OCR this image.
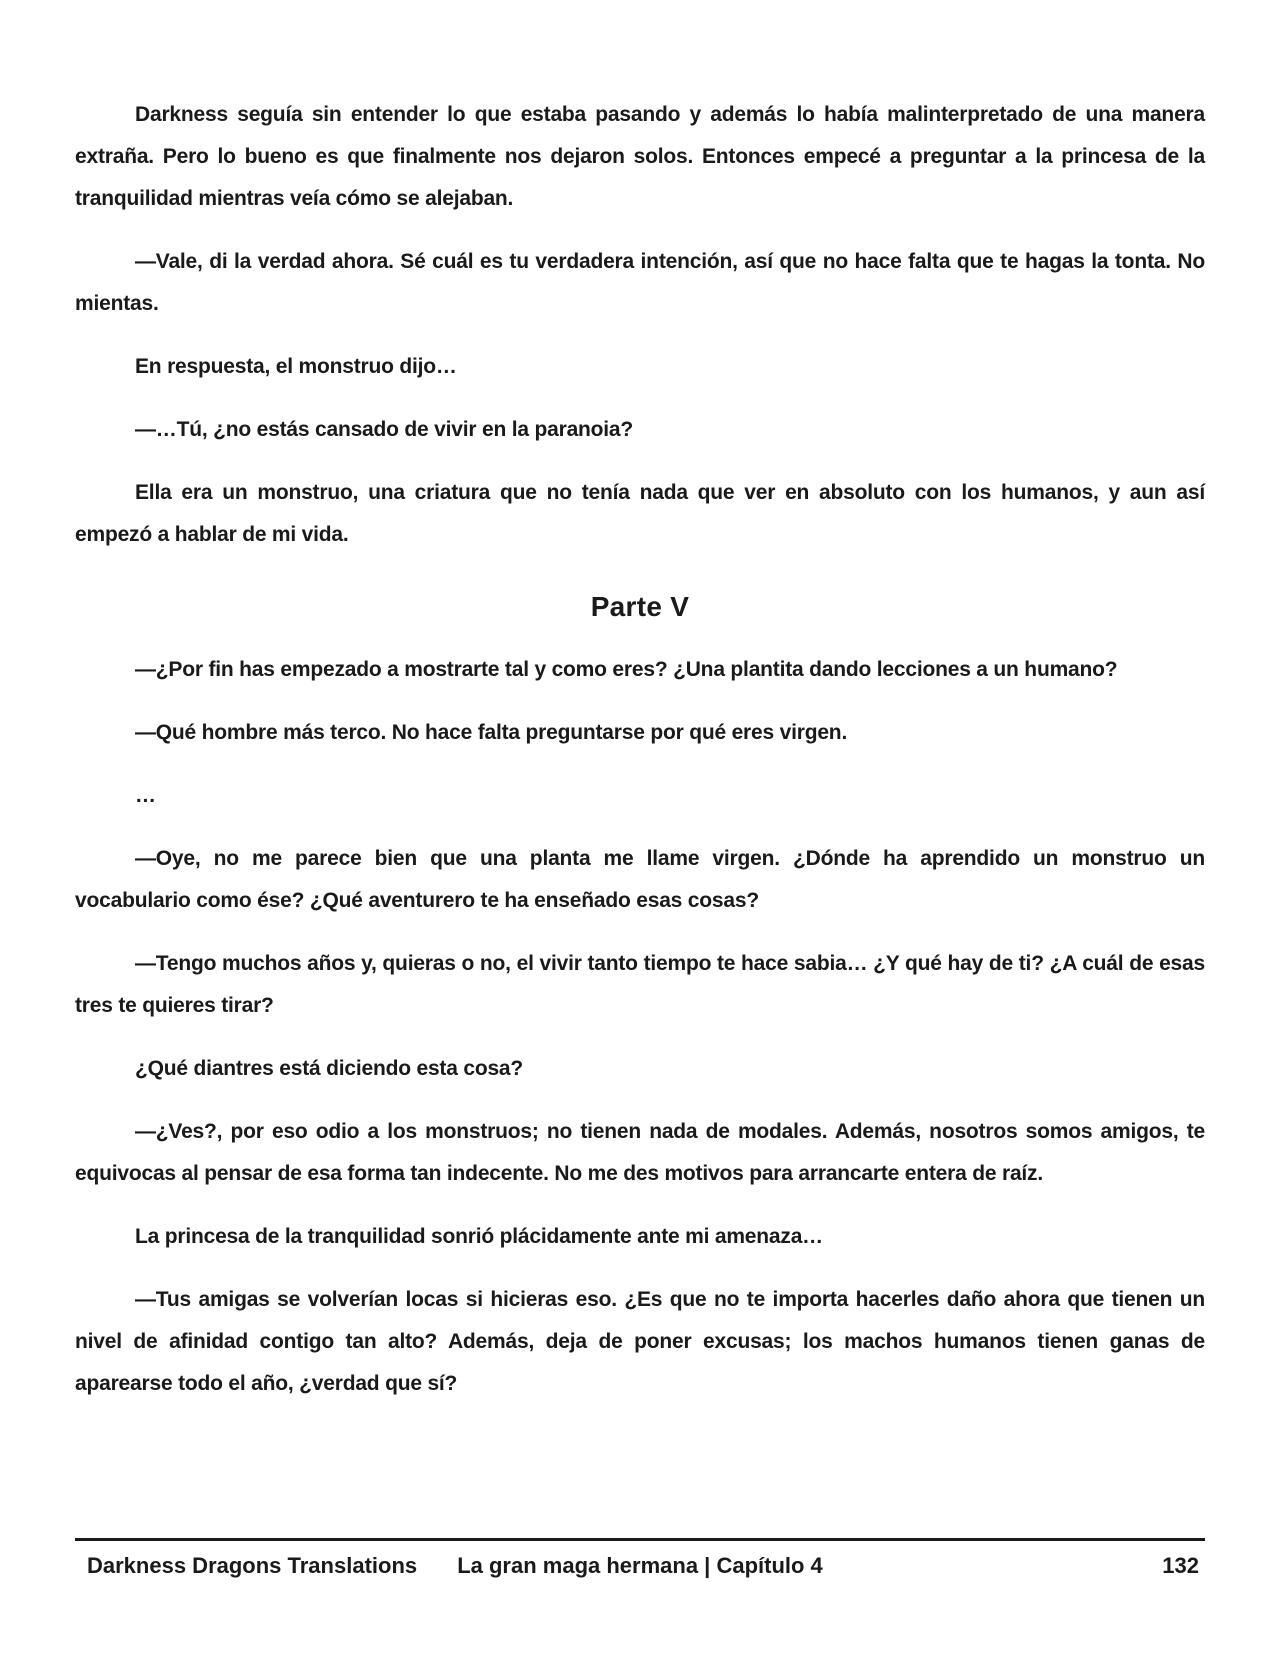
Darkness seguía sin entender lo que estaba pasando y además lo había malinterpretado de una manera extraña. Pero lo bueno es que finalmente nos dejaron solos. Entonces empecé a preguntar a la princesa de la tranquilidad mientras veía cómo se alejaban.

—Vale, di la verdad ahora. Sé cuál es tu verdadera intención, así que no hace falta que te hagas la tonta. No mientas.

En respuesta, el monstruo dijo…

—…Tú, ¿no estás cansado de vivir en la paranoia?

Ella era un monstruo, una criatura que no tenía nada que ver en absoluto con los humanos, y aun así empezó a hablar de mi vida.

Parte V

—¿Por fin has empezado a mostrarte tal y como eres? ¿Una plantita dando lecciones a un humano?

—Qué hombre más terco. No hace falta preguntarse por qué eres virgen.

…

—Oye, no me parece bien que una planta me llame virgen. ¿Dónde ha aprendido un monstruo un vocabulario como ése? ¿Qué aventurero te ha enseñado esas cosas?

—Tengo muchos años y, quieras o no, el vivir tanto tiempo te hace sabia… ¿Y qué hay de ti? ¿A cuál de esas tres te quieres tirar?

¿Qué diantres está diciendo esta cosa?

—¿Ves?, por eso odio a los monstruos; no tienen nada de modales. Además, nosotros somos amigos, te equivocas al pensar de esa forma tan indecente. No me des motivos para arrancarte entera de raíz.

La princesa de la tranquilidad sonrió plácidamente ante mi amenaza…

—Tus amigas se volverían locas si hicieras eso. ¿Es que no te importa hacerles daño ahora que tienen un nivel de afinidad contigo tan alto? Además, deja de poner excusas; los machos humanos tienen ganas de aparearse todo el año, ¿verdad que sí?

Darkness Dragons Translations	La gran maga hermana | Capítulo 4	132
